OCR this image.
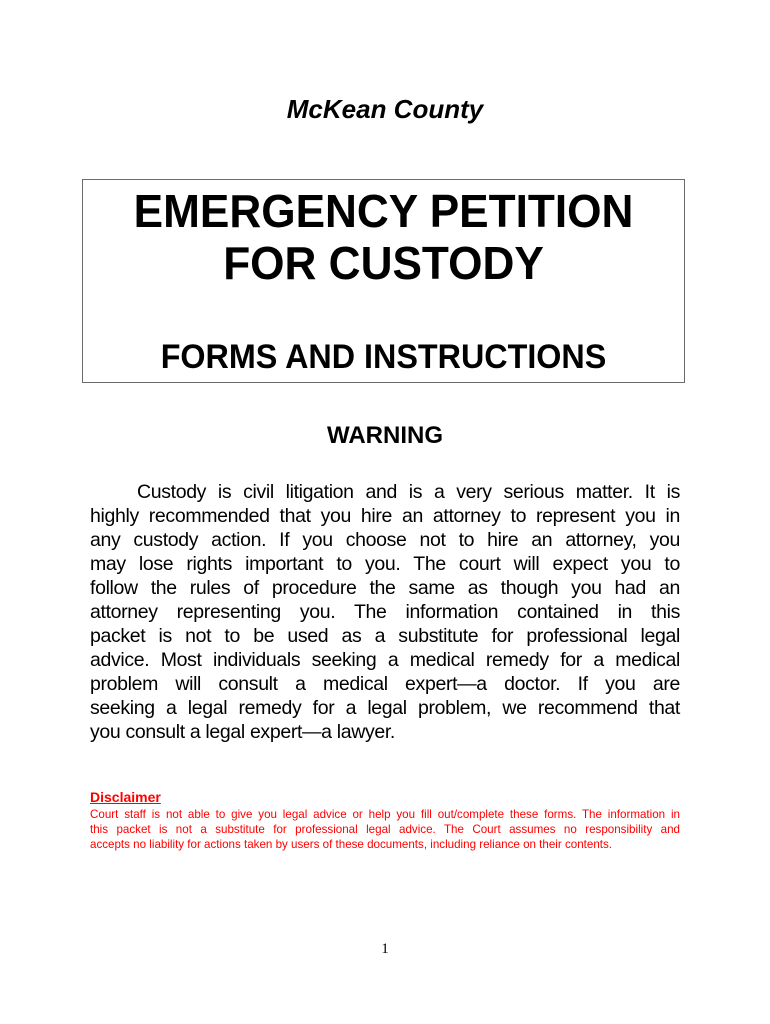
McKean County
EMERGENCY PETITION
FOR CUSTODY
FORMS AND INSTRUCTIONS
WARNING
Custody is civil litigation and is a very serious matter. It is
highly recommended that you hire an attorney to represent you in
any custody action. If you choose not to hire an attorney, you
may lose rights important to you. The court will expect you to
follow the rules of procedure the same as though you had an
attorney representing you. The information contained in this
packet is not to be used as a substitute for professional legal
advice. Most individuals seeking a medical remedy for a medical
problem will consult a medical expert—a doctor. If you are
seeking a legal remedy for a legal problem, we recommend that
you consult a legal expert—a lawyer.
Disclaimer
Court staff is not able to give you legal advice or help you fill out/complete these forms. The information in
this packet is not a substitute for professional legal advice. The Court assumes no responsibility and
accepts no liability for actions taken by users of these documents, including reliance on their contents.
1
